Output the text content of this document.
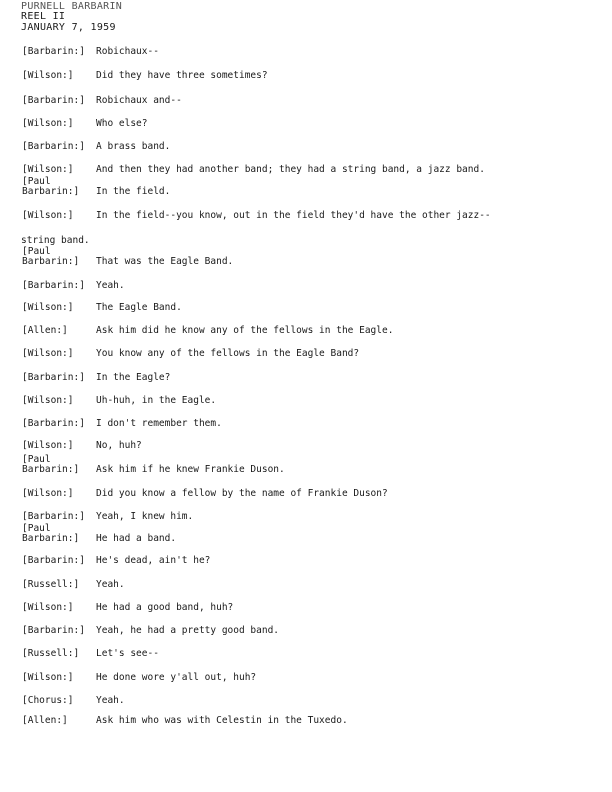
PURNELL BARBARIN
REEL II
JANUARY 7, 1959
[Barbarin:] Robichaux--
[Wilson:] Did they have three sometimes?
[Barbarin:] Robichaux and--
[Wilson:] Who else?
[Barbarin:] A brass band.
[Wilson:] And then they had another band; they had a string band, a jazz band.
[Paul
Barbarin:] In the field.
[Wilson:] In the field--you know, out in the field they'd have the other jazz--
string band.
[Paul
Barbarin:] That was the Eagle Band.
[Barbarin:] Yeah.
[Wilson:] The Eagle Band.
[Allen:]	Ask him did he know any of the fellows in the Eagle.
[Wilson:] You know any of the fellows in the Eagle Band?
[Barbarin:] In the Eagle?
[Wilson:] Uh-huh, in the Eagle.
[Barbarin:] I don't remember them.
[Wilson:] No, huh?
[Paul
Barbarin:] Ask him if he knew Frankie Duson.
[Wilson:] Did you know a fellow by the name of Frankie Duson?
[Barbarin:] Yeah, I knew him.
[Paul
Barbarin:] He had a band.
[Barbarin:] He's dead, ain't he?
[Russell:] Yeah.
[Wilson:] He had a good band, huh?
[Barbarin:] Yeah, he had a pretty good band.
[Russell:] Let's see--
[Wilson:] He done wore y'all out, huh?
[Chorus:] Yeah.
[Allen:]	Ask him who was with Celestin in the Tuxedo.
